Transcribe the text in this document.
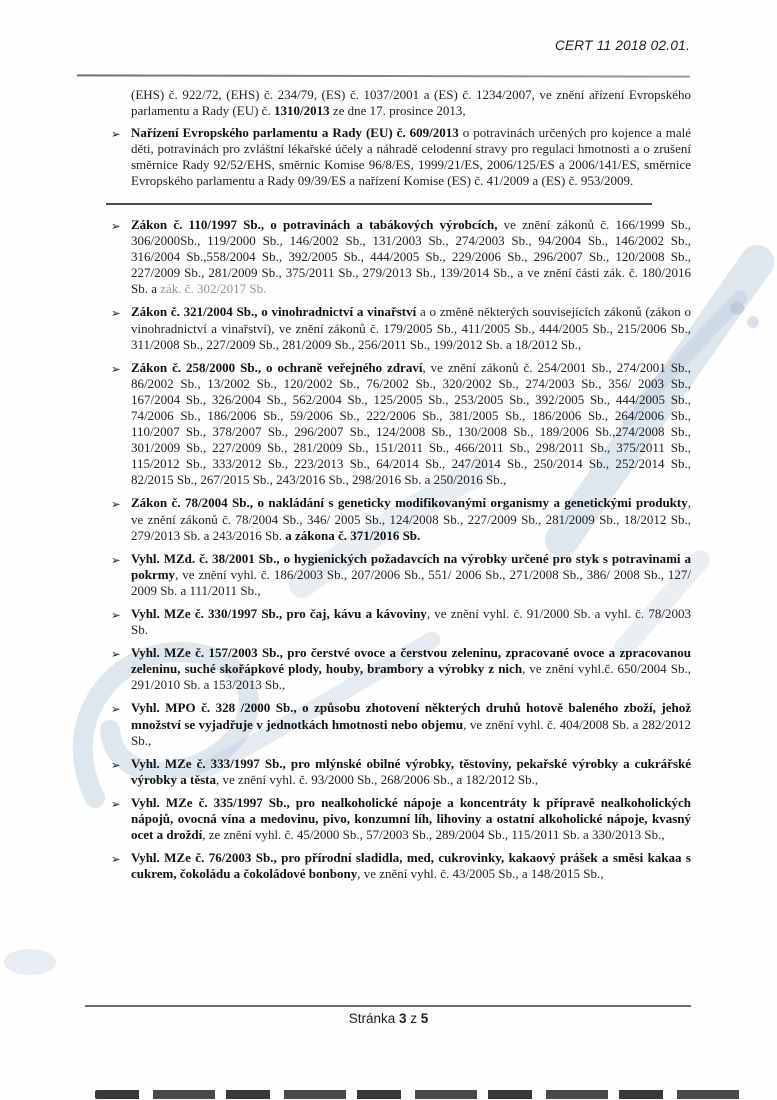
CERT 11 2018 02.01.
(EHS) č. 922/72, (EHS) č. 234/79, (ES) č. 1037/2001 a (ES) č. 1234/2007, ve znění ařízení Evropského parlamentu a Rady (EU) č. 1310/2013 ze dne 17. prosince 2013,
➢ Nařízení Evropského parlamentu a Rady (EU) č. 609/2013 o potravinách určených pro kojence a malé děti, potravinách pro zvláštní lékařské účely a náhradě celodenní stravy pro regulaci hmotnosti a o zrušení směrnice Rady 92/52/EHS, směrnic Komise 96/8/ES, 1999/21/ES, 2006/125/ES a 2006/141/ES, směrnice Evropského parlamentu a Rady 09/39/ES a nařízení Komise (ES) č. 41/2009 a (ES) č. 953/2009.
➢ Zákon č. 110/1997 Sb., o potravinách a tabákových výrobcích, ve znění zákonů č. 166/1999 Sb., 306/2000Sb., 119/2000 Sb., 146/2002 Sb., 131/2003 Sb., 274/2003 Sb., 94/2004 Sb., 146/2002 Sb., 316/2004 Sb.,558/2004 Sb., 392/2005 Sb., 444/2005 Sb., 229/2006 Sb., 296/2007 Sb., 120/2008 Sb., 227/2009 Sb., 281/2009 Sb., 375/2011 Sb., 279/2013 Sb., 139/2014 Sb., a ve znění části zák. č. 180/2016 Sb. a zák. č. 302/2017 Sb.
➢ Zákon č. 321/2004 Sb., o vinohradnictví a vinařství a o změně některých souvisejících zákonů (zákon o vinohradnictví a vinařství), ve znění zákonů č. 179/2005 Sb., 411/2005 Sb., 444/2005 Sb., 215/2006 Sb., 311/2008 Sb., 227/2009 Sb., 281/2009 Sb., 256/2011 Sb., 199/2012 Sb. a 18/2012 Sb.,
➢ Zákon č. 258/2000 Sb., o ochraně veřejného zdraví, ve znění zákonů č. 254/2001 Sb., 274/2001 Sb., 86/2002 Sb., 13/2002 Sb., 120/2002 Sb., 76/2002 Sb., 320/2002 Sb., 274/2003 Sb., 356/ 2003 Sb., 167/2004 Sb., 326/2004 Sb., 562/2004 Sb., 125/2005 Sb., 253/2005 Sb., 392/2005 Sb., 444/2005 Sb., 74/2006 Sb., 186/2006 Sb., 59/2006 Sb., 222/2006 Sb., 381/2005 Sb., 186/2006 Sb., 264/2006 Sb., 110/2007 Sb., 378/2007 Sb., 296/2007 Sb., 124/2008 Sb., 130/2008 Sb., 189/2006 Sb.,274/2008 Sb., 301/2009 Sb., 227/2009 Sb., 281/2009 Sb., 151/2011 Sb., 466/2011 Sb., 298/2011 Sb., 375/2011 Sb., 115/2012 Sb., 333/2012 Sb., 223/2013 Sb., 64/2014 Sb., 247/2014 Sb., 250/2014 Sb., 252/2014 Sb., 82/2015 Sb., 267/2015 Sb., 243/2016 Sb., 298/2016 Sb. a 250/2016 Sb.,
➢ Zákon č. 78/2004 Sb., o nakládání s geneticky modifikovanými organismy a genetickými produkty, ve znění zákonů č. 78/2004 Sb., 346/ 2005 Sb., 124/2008 Sb., 227/2009 Sb., 281/2009 Sb., 18/2012 Sb., 279/2013 Sb. a 243/2016 Sb. a zákona č. 371/2016 Sb.
➢ Vyhl. MZd. č. 38/2001 Sb., o hygienických požadavcích na výrobky určené pro styk s potravinami a pokrmy, ve znění vyhl. č. 186/2003 Sb., 207/2006 Sb., 551/ 2006 Sb., 271/2008 Sb., 386/ 2008 Sb., 127/ 2009 Sb. a 111/2011 Sb.,
➢ Vyhl. MZe č. 330/1997 Sb., pro čaj, kávu a kávoviny, ve znění vyhl. č. 91/2000 Sb. a vyhl. č. 78/2003 Sb.
➢ Vyhl. MZe č. 157/2003 Sb., pro čerstvé ovoce a čerstvou zeleninu, zpracované ovoce a zpracovanou zeleninu, suché skořápkové plody, houby, brambory a výrobky z nich, ve znění vyhl.č. 650/2004 Sb., 291/2010 Sb. a 153/2013 Sb.,
➢ Vyhl. MPO č. 328 /2000 Sb., o způsobu zhotovení některých druhů hotově baleného zboží, jehož množství se vyjadřuje v jednotkách hmotnosti nebo objemu, ve znění vyhl. č. 404/2008 Sb. a 282/2012 Sb.,
➢ Vyhl. MZe č. 333/1997 Sb., pro mlýnské obilné výrobky, těstoviny, pekařské výrobky a cukrářské výrobky a těsta, ve znění vyhl. č. 93/2000 Sb., 268/2006 Sb., a 182/2012 Sb.,
➢ Vyhl. MZe č. 335/1997 Sb., pro nealkoholické nápoje a koncentráty k přípravě nealkoholických nápojů, ovocná vína a medovinu, pivo, konzumní líh, lihoviny a ostatní alkoholické nápoje, kvasný ocet a droždí, ze znění vyhl. č. 45/2000 Sb., 57/2003 Sb., 289/2004 Sb., 115/2011 Sb. a 330/2013 Sb.,
➢ Vyhl. MZe č. 76/2003 Sb., pro přírodní sladidla, med, cukrovinky, kakaový prášek a směsi kakaa s cukrem, čokoládu a čokoládové bonbony, ve znění vyhl. č. 43/2005 Sb., a 148/2015 Sb.,
Stránka 3 z 5
